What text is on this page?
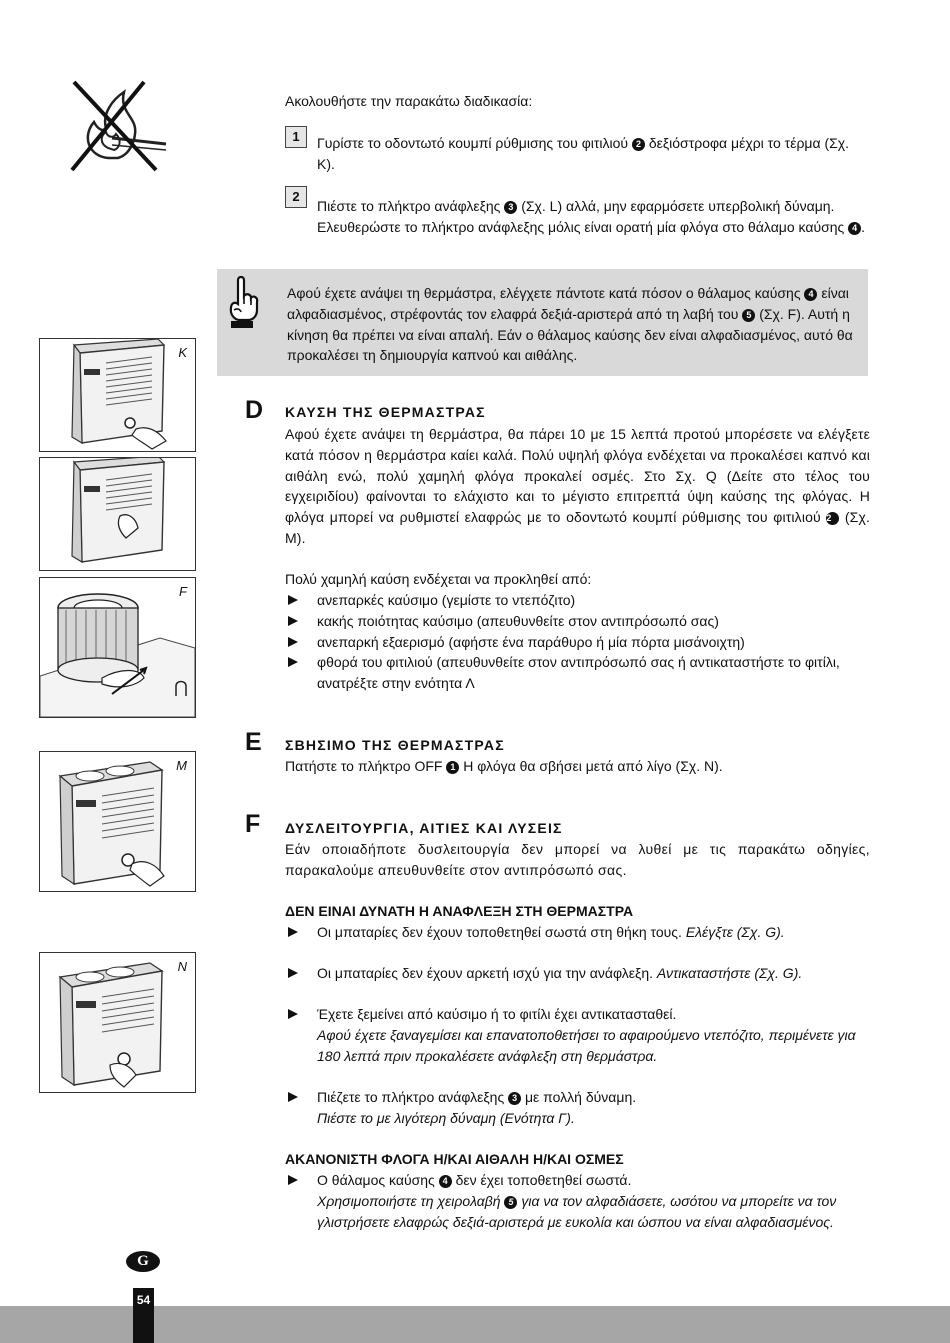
Ακολουθήστε την παρακάτω διαδικασία:
1	Γυρίστε το οδοντωτό κουμπί ρύθμισης του φιτιλιού 2 δεξιόστροφα μέχρι το τέρμα (Σχ. Κ).
2
Πιέστε το πλήκτρο ανάφλεξης 3 (Σχ. L) αλλά, μην εφαρμόσετε υπερβολική δύναμη. Ελευθερώστε το πλήκτρο ανάφλεξης μόλις είναι ορατή μία φλόγα στο θάλαμο καύσης 4 .
Αφού έχετε ανάψει τη θερμάστρα, ελέγχετε πάντοτε κατά πόσον ο θάλαμος καύσης 4 είναι αλφαδιασμένος, στρέφοντάς τον ελαφρά δεξιά-αριστερά από τη λαβή του 5 (Σχ. F). Αυτή η κίνηση θα πρέπει να είναι απαλή. Εάν ο θάλαμος καύσης δεν είναι αλφαδιασμένος, αυτό θα προκαλέσει τη δημιουργία καπνού και αιθάλης.
D ΚΑΥΣΗ ΤΗΣ ΘΕΡΜΑΣΤΡΑΣ
Αφού έχετε ανάψει τη θερμάστρα, θα πάρει 10 με 15 λεπτά προτού μπορέσετε να ελέγξετε κατά πόσον η θερμάστρα καίει καλά. Πολύ υψηλή φλόγα ενδέχεται να προκαλέσει καπνό και αιθάλη ενώ, πολύ χαμηλή φλόγα προκαλεί οσμές. Στο Σχ. Q (Δείτε στο τέλος του εγχειριδίου) φαίνονται το ελάχιστο και το μέγιστο επιτρεπτά ύψη καύσης της φλόγας. Η φλόγα μπορεί να ρυθμιστεί ελαφρώς με το οδοντωτό κουμπί ρύθμισης του φιτιλιού 2 (Σχ. M).
Πολύ χαμηλή καύση ενδέχεται να προκληθεί από:
ανεπαρκές καύσιμο (γεμίστε το ντεπόζιτο)
κακής ποιότητας καύσιμο (απευθυνθείτε στον αντιπρόσωπό σας)
ανεπαρκή εξαερισμό (αφήστε ένα παράθυρο ή μία πόρτα μισάνοιχτη)
φθορά του φιτιλιού (απευθυνθείτε στον αντιπρόσωπό σας ή αντικαταστήστε το φιτίλι, ανατρέξτε στην ενότητα Λ
E ΣΒΗΣΙΜΟ ΤΗΣ ΘΕΡΜΑΣΤΡΑΣ
Πατήστε το πλήκτρο OFF 1 Η φλόγα θα σβήσει μετά από λίγο (Σχ. N).
F ΔΥΣΛΕΙΤΟΥΡΓΙΑ, ΑΙΤΙΕΣ ΚΑΙ ΛΥΣΕΙΣ
Εάν οποιαδήποτε δυσλειτουργία δεν μπορεί να λυθεί με τις παρακάτω οδηγίες, παρακαλούμε απευθυνθείτε στον αντιπρόσωπό σας.
ΔΕΝ ΕΙΝΑΙ ΔΥΝΑΤΗ Η ΑΝΑΦΛΕΞΗ ΣΤΗ ΘΕΡΜΑΣΤΡΑ
Οι μπαταρίες δεν έχουν τοποθετηθεί σωστά στη θήκη τους. Ελέγξτε (Σχ. G).
Οι μπαταρίες δεν έχουν αρκετή ισχύ για την ανάφλεξη. Αντικαταστήστε (Σχ. G).
Έχετε ξεμείνει από καύσιμο ή το φιτίλι έχει αντικατασταθεί.
Αφού έχετε ξαναγεμίσει και επανατοποθετήσει το αφαιρούμενο ντεπόζιτο, περιμένετε για 180 λεπτά πριν προκαλέσετε ανάφλεξη στη θερμάστρα.
Πιέζετε το πλήκτρο ανάφλεξης 3 με πολλή δύναμη.
Πιέστε το με λιγότερη δύναμη (Ενότητα Γ).
ΑΚΑΝΟΝΙΣΤΗ ΦΛΟΓΑ Η/ΚΑΙ ΑΙΘΑΛΗ Η/ΚΑΙ ΟΣΜΕΣ
Ο θάλαμος καύσης 4 δεν έχει τοποθετηθεί σωστά.
Χρησιμοποιήστε τη χειρολαβή 5 για να τον αλφαδιάσετε, ωσότου να μπορείτε να τον γλιστρήσετε ελαφρώς δεξιά-αριστερά με ευκολία και ώσπου να είναι αλφαδιασμένος.
K
F
M
N
G
54
